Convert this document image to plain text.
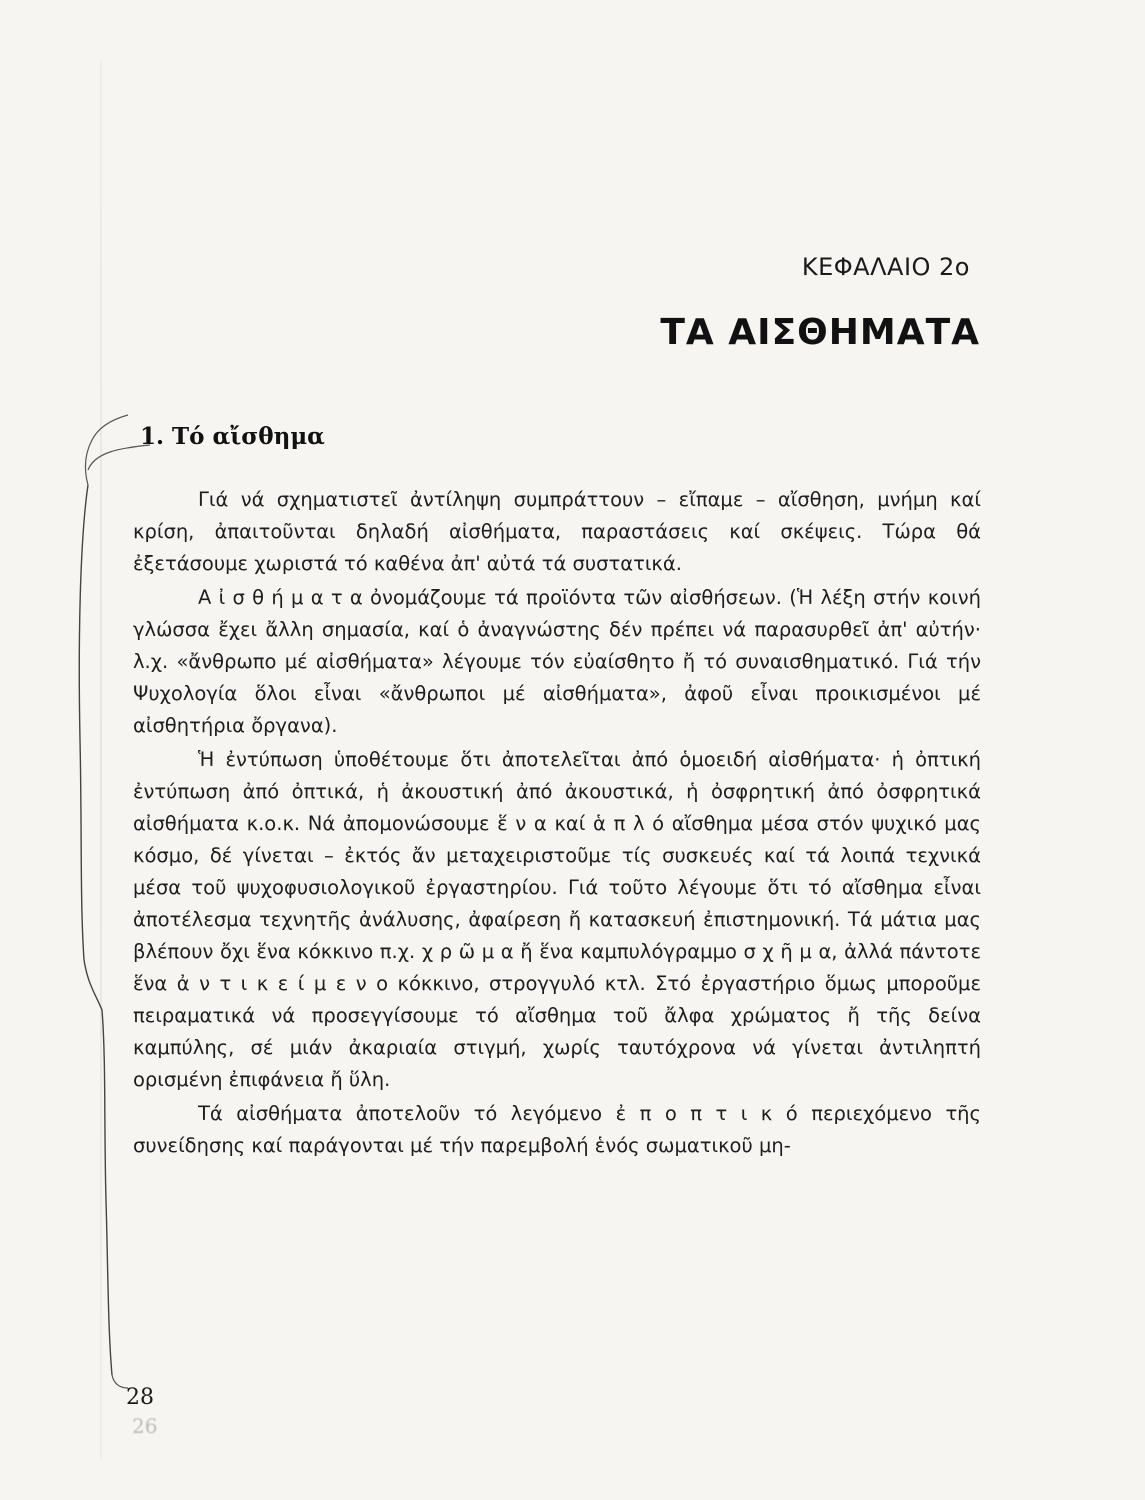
ΚΕΦΑΛΑΙΟ 2ο
ΤΑ ΑΙΣΘΗΜΑΤΑ
1. Τό αἴσθημα

Γιά νά σχηματιστεῖ ἀντίληψη συμπράττουν – εἴπαμε – αἴσθηση, μνήμη καί κρίση, ἀπαιτοῦνται δηλαδή αἰσθήματα, παραστάσεις καί σκέψεις. Τώρα θά ἐξετάσουμε χωριστά τό καθένα ἀπ' αὐτά τά συστατικά.

Α ἰ σ θ ή μ α τ α ὀνομάζουμε τά προϊόντα τῶν αἰσθήσεων. (Ἡ λέξη στήν κοινή γλώσσα ἔχει ἄλλη σημασία, καί ὁ ἀναγνώστης δέν πρέπει νά παρασυρθεῖ ἀπ' αὐτήν· λ.χ. «ἄνθρωπο μέ αἰσθήματα» λέγουμε τόν εὐαίσθητο ἤ τό συναισθηματικό. Γιά τήν Ψυχολογία ὅλοι εἶναι «ἄνθρωποι μέ αἰσθήματα», ἀφοῦ εἶναι προικισμένοι μέ αἰσθητήρια ὄργανα).

Ἡ ἐντύπωση ὑποθέτουμε ὅτι ἀποτελεῖται ἀπό ὁμοειδή αἰσθήματα· ἡ ὀπτική ἐντύπωση ἀπό ὀπτικά, ἡ ἀκουστική ἀπό ἀκουστικά, ἡ ὀσφρητική ἀπό ὀσφρητικά αἰσθήματα κ.ο.κ. Νά ἀπομονώσουμε ἕ ν α καί ἁ π λ ό αἴσθημα μέσα στόν ψυχικό μας κόσμο, δέ γίνεται – ἐκτός ἄν μεταχειριστοῦμε τίς συσκευές καί τά λοιπά τεχνικά μέσα τοῦ ψυχοφυσιολογικοῦ ἐργαστηρίου. Γιά τοῦτο λέγουμε ὅτι τό αἴσθημα εἶναι ἀποτέλεσμα τεχνητῆς ἀνάλυσης, ἀφαίρεση ἤ κατασκευή ἐπιστημονική. Τά μάτια μας βλέπουν ὄχι ἕνα κόκκινο π.χ. χ ρ ῶ μ α ἤ ἕνα καμπυλόγραμμο σ χ ῆ μ α, ἀλλά πάντοτε ἕνα ἀ ν τ ι κ ε ί μ ε ν ο κόκκινο, στρογγυλό κτλ. Στό ἐργαστήριο ὅμως μποροῦμε πειραματικά νά προσεγγίσουμε τό αἴσθημα τοῦ ἄλφα χρώματος ἤ τῆς δείνα καμπύλης, σέ μιάν ἀκαριαία στιγμή, χωρίς ταυτόχρονα νά γίνεται ἀντιληπτή ορισμένη ἐπιφάνεια ἤ ὕλη.

Τά αἰσθήματα ἀποτελοῦν τό λεγόμενο ἐ π ο π τ ι κ ό περιεχόμενο τῆς συνείδησης καί παράγονται μέ τήν παρεμβολή ἑνός σωματικοῦ μη-

28
26
